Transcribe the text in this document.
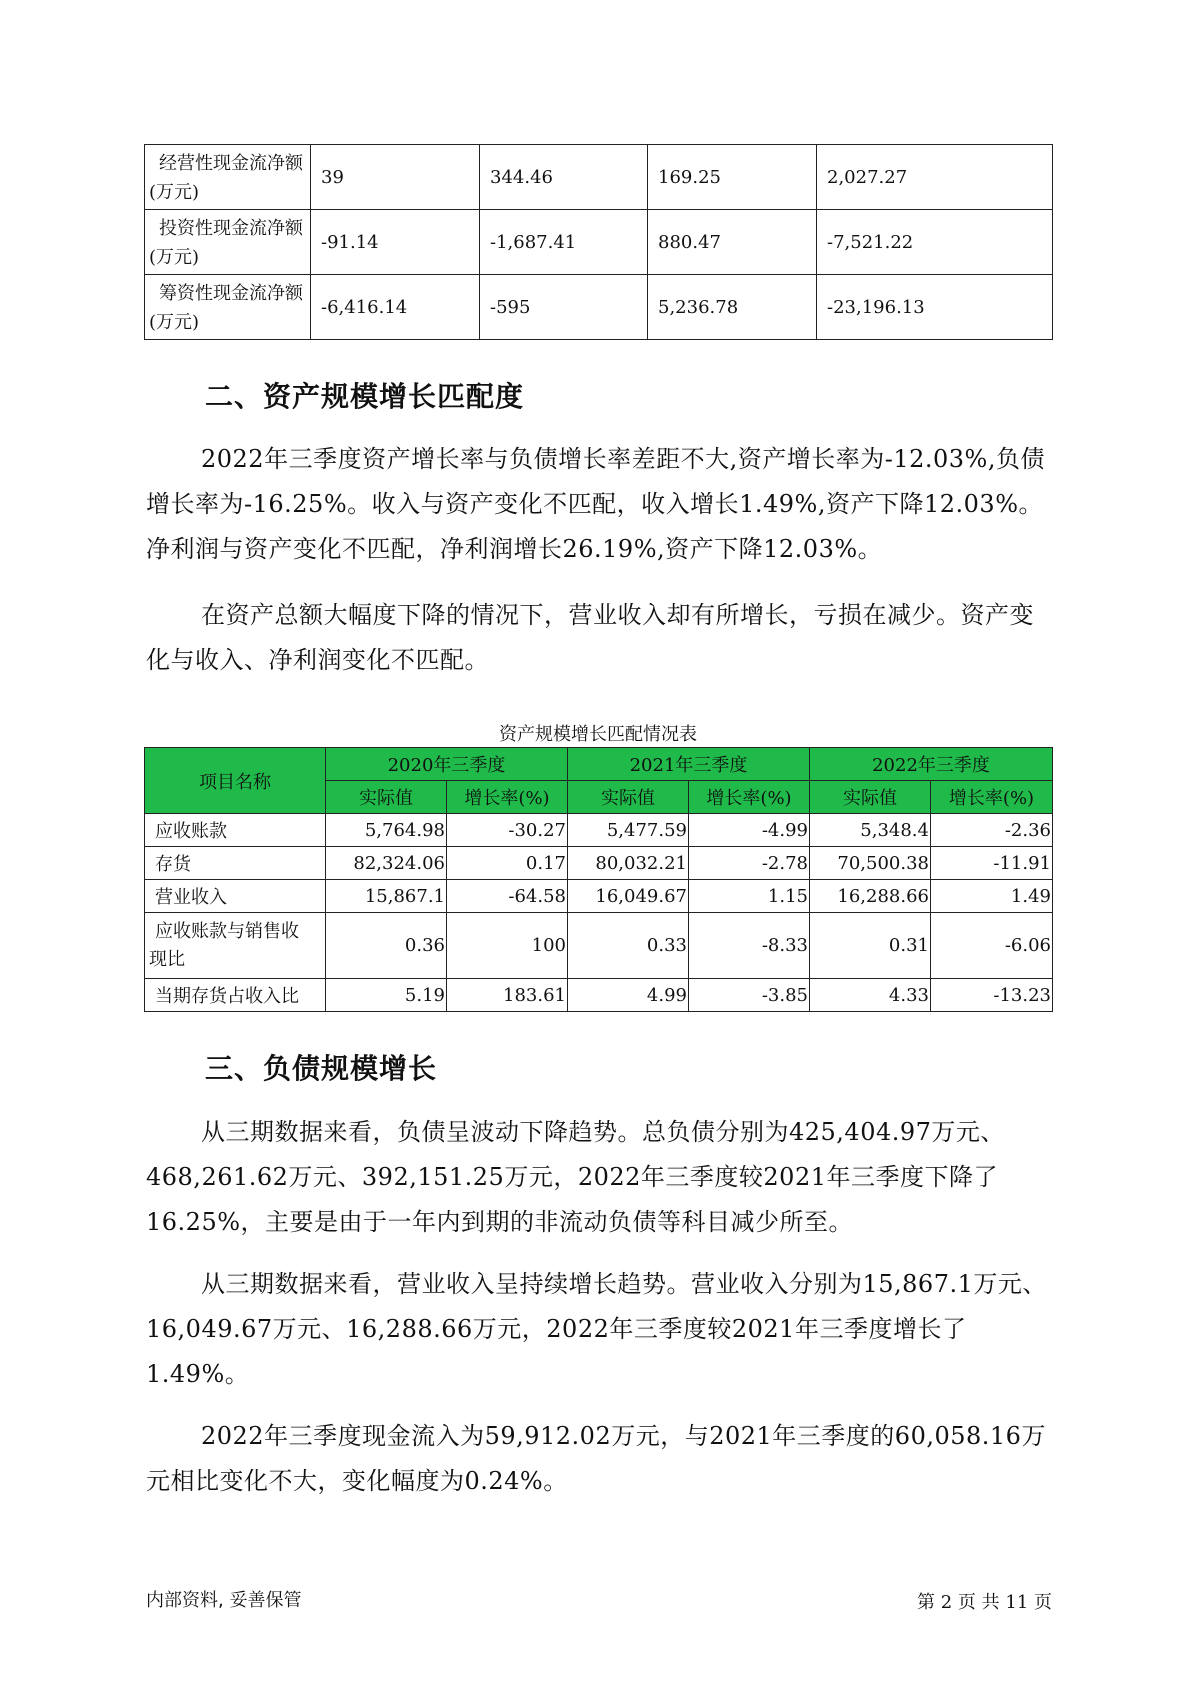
经营性现金流净额
(万元)	39	344.46	169.25	2,027.27

投资性现金流净额
(万元)	-91.14	-1,687.41	880.47	-7,521.22

筹资性现金流净额
(万元)	-6,416.14	-595	5,236.78	-23,196.13
二、资产规模增长匹配度

2022年三季度资产增长率与负债增长率差距不大,资产增长率为-12.03%,负债增长率为-16.25%。收入与资产变化不匹配，收入增长1.49%,资产下降12.03%。净利润与资产变化不匹配，净利润增长26.19%,资产下降12.03%。

在资产总额大幅度下降的情况下，营业收入却有所增长，亏损在减少。资产变化与收入、净利润变化不匹配。

资产规模增长匹配情况表
项目名称	2020年三季度		2021年三季度		2022年三季度	
	实际值	增长率(%)	实际值	增长率(%)	实际值	增长率(%)
应收账款	5,764.98	-30.27	5,477.59	-4.99	5,348.4	-2.36
存货	82,324.06	0.17	80,032.21	-2.78	70,500.38	-11.91
营业收入	15,867.1	-64.58	16,049.67	1.15	16,288.66	1.49

应收账款与销售收
现比	0.36	100	0.33	-8.33	0.31	-6.06
当期存货占收入比	5.19	183.61	4.99	-3.85	4.33	-13.23
三、负债规模增长

从三期数据来看，负债呈波动下降趋势。总负债分别为425,404.97万元、468,261.62万元、392,151.25万元，2022年三季度较2021年三季度下降了16.25%，主要是由于一年内到期的非流动负债等科目减少所至。

从三期数据来看，营业收入呈持续增长趋势。营业收入分别为15,867.1万元、16,049.67万元、16,288.66万元，2022年三季度较2021年三季度增长了1.49%。

2022年三季度现金流入为59,912.02万元，与2021年三季度的60,058.16万元相比变化不大，变化幅度为0.24%。

内部资料, 妥善保管	第 2 页 共 11 页
